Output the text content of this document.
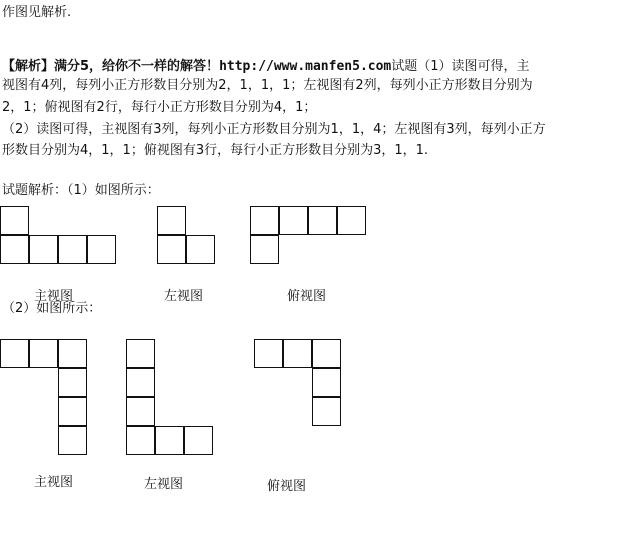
作图见解析.
【解析】满分5，给你不一样的解答！http://www.manfen5.com试题（1）读图可得，主
视图有4列，每列小正方形数目分别为2，1，1，1；左视图有2列，每列小正方形数目分别为
2，1；俯视图有2行，每行小正方形数目分别为4，1；
（2）读图可得，主视图有3列，每列小正方形数目分别为1，1，4；左视图有3列，每列小正方
形数目分别为4，1，1；俯视图有3行，每行小正方形数目分别为3，1，1.
试题解析：（1）如图所示：
主视图	左视图	俯视图
（2）如图所示：
主视图	左视图	俯视图
